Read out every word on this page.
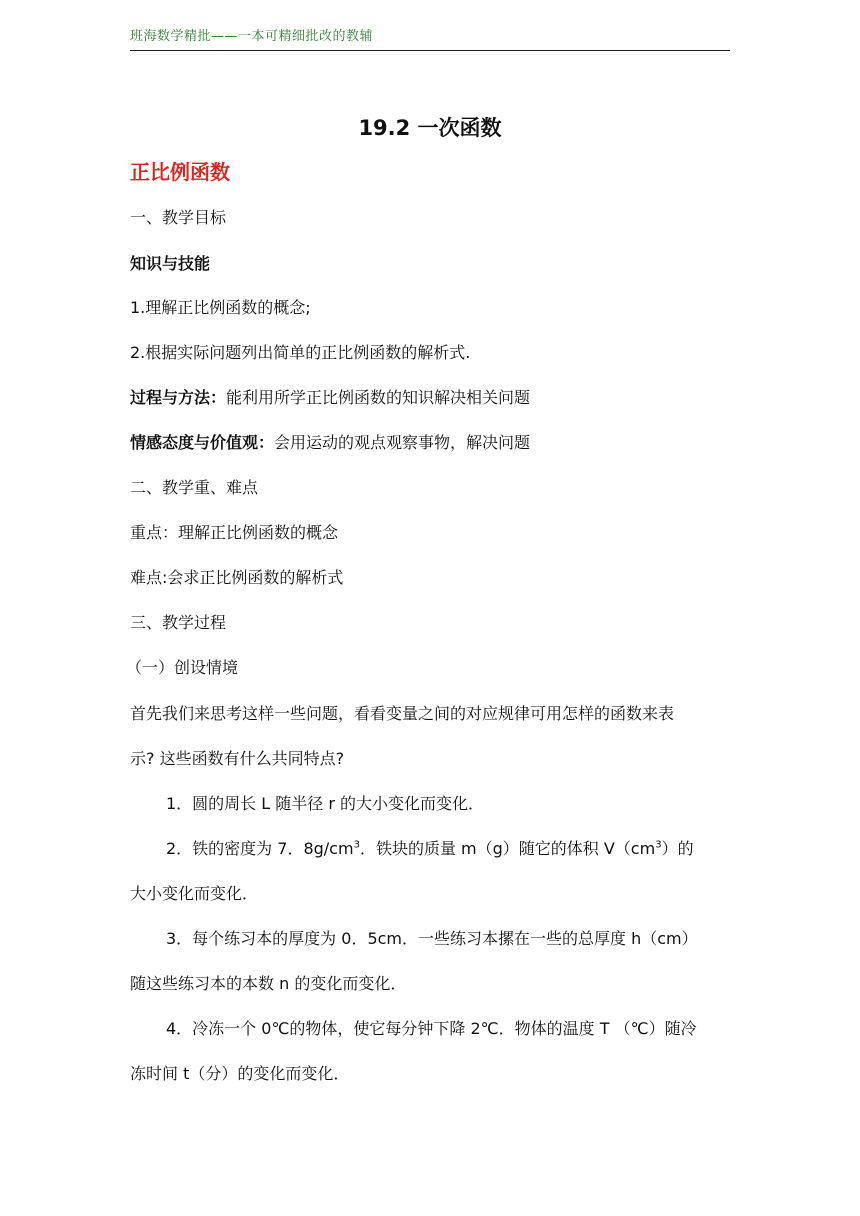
班海数学精批——一本可精细批改的教辅
19.2 一次函数
正比例函数
一、教学目标
知识与技能
1.理解正比例函数的概念;
2.根据实际问题列出简单的正比例函数的解析式.
过程与方法：能利用所学正比例函数的知识解决相关问题
情感态度与价值观：会用运动的观点观察事物，解决问题
二、教学重、难点
重点：理解正比例函数的概念
难点:会求正比例函数的解析式
三、教学过程
（一）创设情境
首先我们来思考这样一些问题，看看变量之间的对应规律可用怎样的函数来表
示? 这些函数有什么共同特点?
1．圆的周长 L 随半径 r 的大小变化而变化．
2．铁的密度为 7．$8g/cm^3$．铁块的质量 m（g）随它的体积 $V(cm^3)$的
大小变化而变化．
3．每个练习本的厚度为 0．5cm．一些练习本摞在一些的总厚度 h（cm）
随这些练习本的本数 n 的变化而变化．
4．冷冻一个 0℃的物体，使它每分钟下降 2℃．物体的温度 T （℃）随冷
冻时间 t（分）的变化而变化．
